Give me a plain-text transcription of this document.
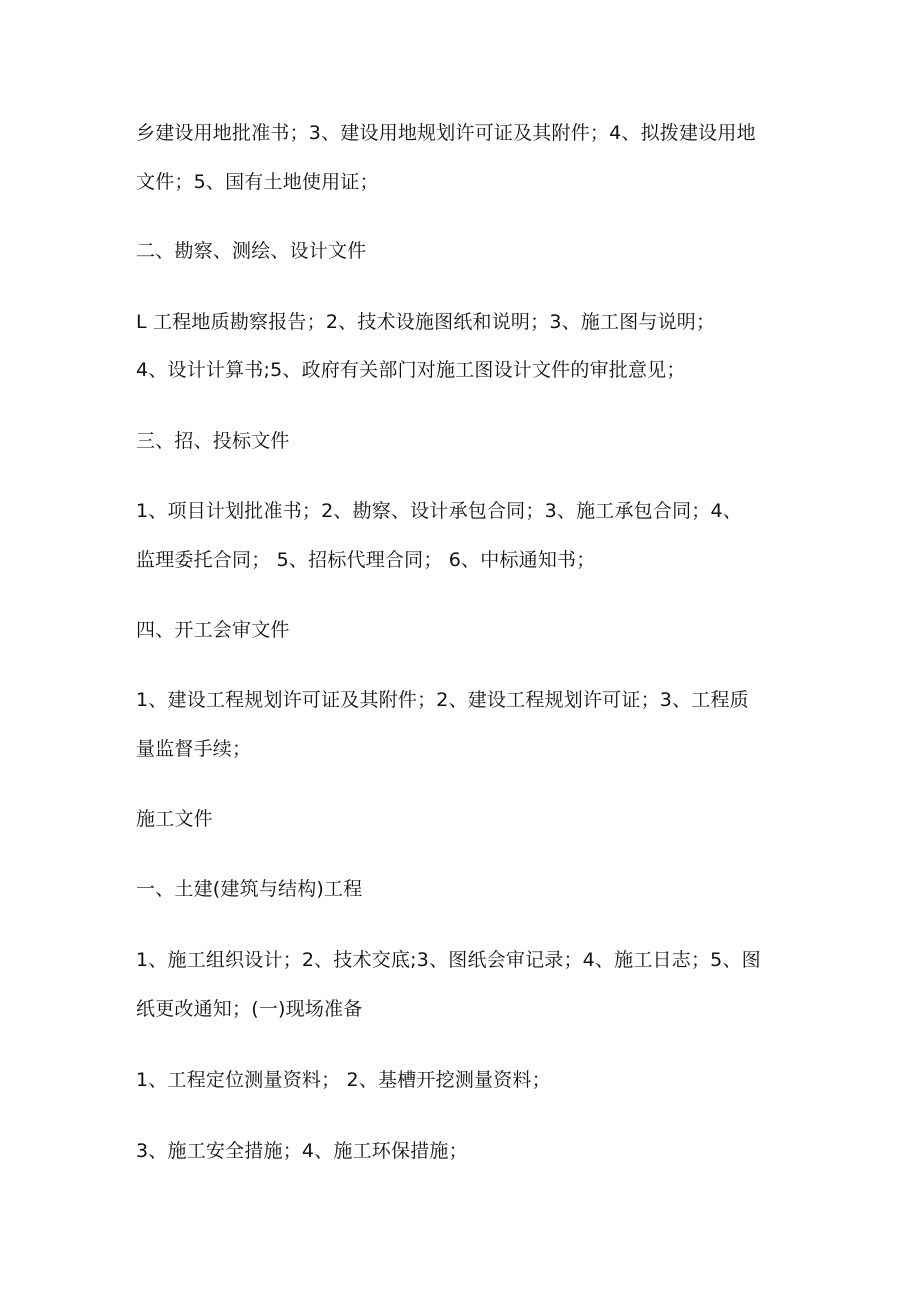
乡建设用地批准书；3、建设用地规划许可证及其附件；4、拟拨建设用地
文件；5、国有土地使用证；
二、勘察、测绘、设计文件
L 工程地质勘察报告；2、技术设施图纸和说明；3、施工图与说明；
4、设计计算书;5、政府有关部门对施工图设计文件的审批意见；
三、招、投标文件
1、项目计划批准书；2、勘察、设计承包合同；3、施工承包合同；4、
监理委托合同； 5、招标代理合同； 6、中标通知书；
四、开工会审文件
1、建设工程规划许可证及其附件；2、建设工程规划许可证；3、工程质
量监督手续；
施工文件
一、土建(建筑与结构)工程
1、施工组织设计；2、技术交底;3、图纸会审记录；4、施工日志；5、图
纸更改通知；(一)现场准备
1、工程定位测量资料； 2、基槽开挖测量资料；
3、施工安全措施；4、施工环保措施；
